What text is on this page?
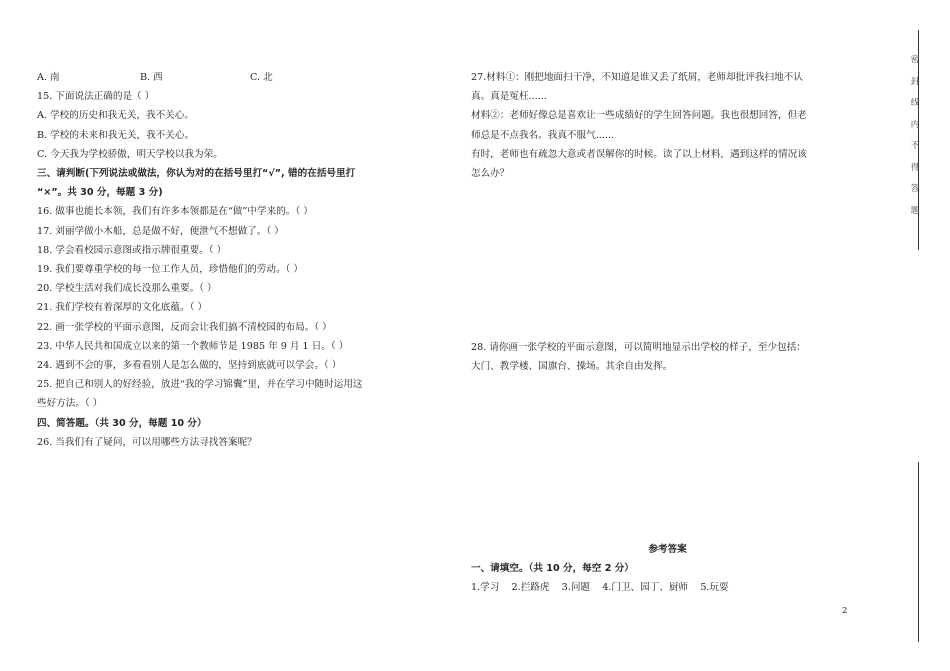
A. 南	B. 西	C. 北
15. 下面说法正确的是（ ）
A. 学校的历史和我无关，我不关心。
B. 学校的未来和我无关，我不关心。
C. 今天我为学校骄傲，明天学校以我为荣。
三、请判断(下列说法或做法，你认为对的在括号里打“√”, 错的在括号里打
“×”。共 30 分，每题 3 分)
16. 做事也能长本领，我们有许多本领都是在“做”中学来的。（ ）
17. 刘丽学做小木船，总是做不好，便泄气不想做了。（ ）
18. 学会看校园示意图或指示牌很重要。（ ）
19. 我们要尊重学校的每一位工作人员，珍惜他们的劳动。（ ）
20. 学校生活对我们成长没那么重要。（ ）
21. 我们学校有着深厚的文化底蕴。（ ）
22. 画一张学校的平面示意图，反而会让我们搞不清校园的布局。（ ）
23. 中华人民共和国成立以来的第一个教师节是 1985 年 9 月 1 日。（ ）
24. 遇到不会的事，多看看别人是怎么做的，坚持到底就可以学会。（ ）
25. 把自己和别人的好经验，放进“我的学习锦囊”里，并在学习中随时运用这
些好方法。（ ）
四、简答题。（共 30 分，每题 10 分）
26. 当我们有了疑问，可以用哪些方法寻找答案呢？
27.材料①：刚把地面扫干净，不知道是谁又丢了纸屑，老师却批评我扫地不认
真。真是冤枉......
材料②：老师好像总是喜欢让一些成绩好的学生回答问题。我也很想回答，但老
师总是不点我名。我真不服气......
有时，老师也有疏忽大意或者误解你的时候。读了以上材料，遇到这样的情况该
怎么办？
28. 请你画一张学校的平面示意图，可以简明地显示出学校的样子，至少包括：
大门、教学楼、国旗台、操场。其余自由发挥。
参考答案
一、请填空。（共 10 分，每空 2 分）
1.学习    2.拦路虎    3.问题    4.门卫、园丁、厨师    5.玩耍
2
密
封
线
内
不
得
答
题
